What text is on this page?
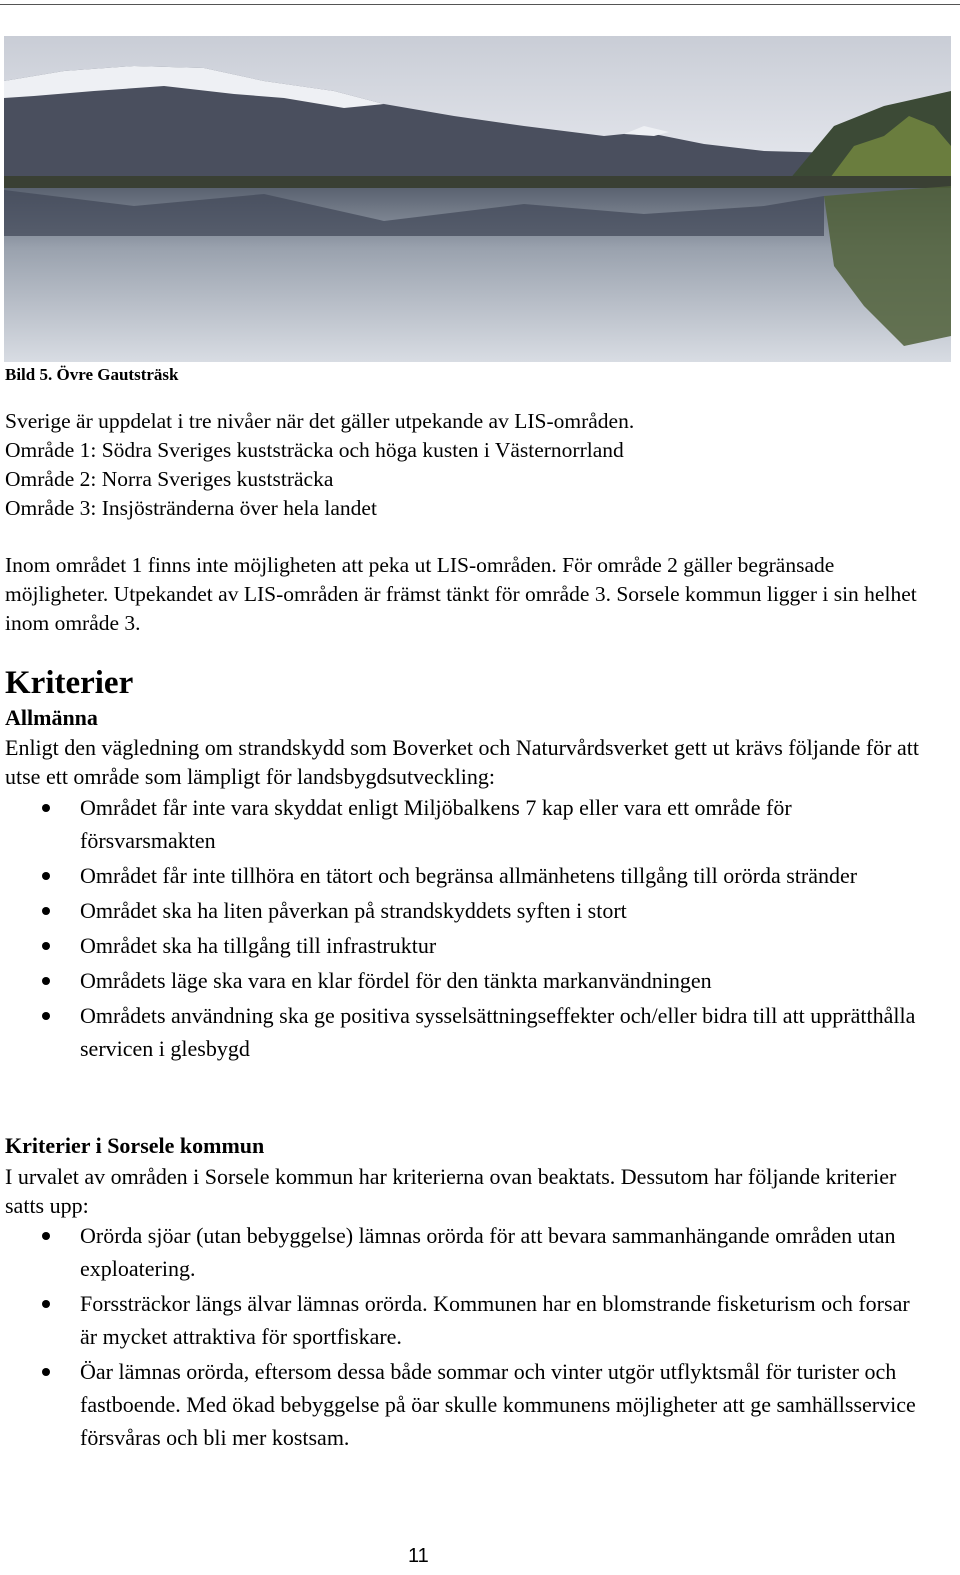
Bild 5. Övre Gautsträsk
Sverige är uppdelat i tre nivåer när det gäller utpekande av LIS-områden.
Område 1: Södra Sveriges kuststräcka och höga kusten i Västernorrland
Område 2: Norra Sveriges kuststräcka
Område 3: Insjöstränderna över hela landet
Inom området 1 finns inte möjligheten att peka ut LIS-områden. För område 2 gäller begränsade möjligheter. Utpekandet av LIS-områden är främst tänkt för område 3. Sorsele kommun ligger i sin helhet inom område 3.
Kriterier
Allmänna
Enligt den vägledning om strandskydd som Boverket och Naturvårdsverket gett ut krävs följande för att utse ett område som lämpligt för landsbygdsutveckling:
Området får inte vara skyddat enligt Miljöbalkens 7 kap eller vara ett område för försvarsmakten
Området får inte tillhöra en tätort och begränsa allmänhetens tillgång till orörda stränder
Området ska ha liten påverkan på strandskyddets syften i stort
Området ska ha tillgång till infrastruktur
Områdets läge ska vara en klar fördel för den tänkta markanvändningen
Områdets användning ska ge positiva sysselsättningseffekter och/eller bidra till att upprätthålla servicen i glesbygd
Kriterier i Sorsele kommun
I urvalet av områden i Sorsele kommun har kriterierna ovan beaktats. Dessutom har följande kriterier satts upp:
Orörda sjöar (utan bebyggelse) lämnas orörda för att bevara sammanhängande områden utan exploatering.
Forssträckor längs älvar lämnas orörda. Kommunen har en blomstrande fisketurism och forsar är mycket attraktiva för sportfiskare.
Öar lämnas orörda, eftersom dessa både sommar och vinter utgör utflyktsmål för turister och fastboende. Med ökad bebyggelse på öar skulle kommunens möjligheter att ge samhällsservice försvåras och bli mer kostsam.
11
